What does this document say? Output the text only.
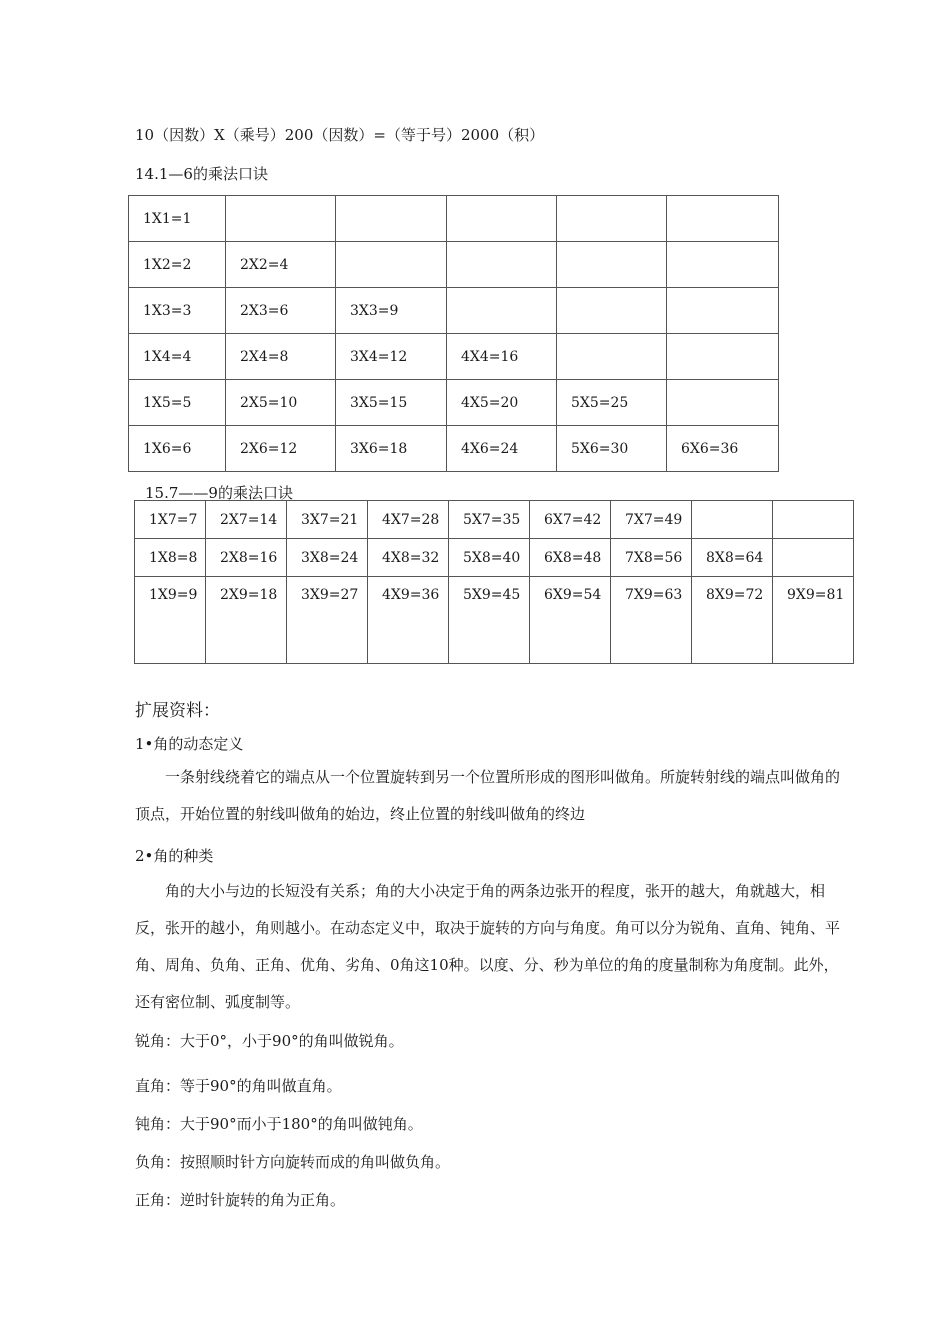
10（因数）X（乘号）200（因数）=（等于号）2000（积）
14.1—6的乘法口诀
1X1=1					
1X2=2	2X2=4				
1X3=3	2X3=6	3X3=9			
1X4=4	2X4=8	3X4=12	4X4=16		
1X5=5	2X5=10	3X5=15	4X5=20	5X5=25	
1X6=6	2X6=12	3X6=18	4X6=24	5X6=30	6X6=36
15.7——9的乘法口诀
1X7=7	2X7=14	3X7=21	4X7=28	5X7=35	6X7=42	7X7=49		
1X8=8	2X8=16	3X8=24	4X8=32	5X8=40	6X8=48	7X8=56	8X8=64	
1X9=9	2X9=18	3X9=27	4X9=36	5X9=45	6X9=54	7X9=63	8X9=72	9X9=81
扩展资料：
1•角的动态定义
一条射线绕着它的端点从一个位置旋转到另一个位置所形成的图形叫做角。所旋转射线的端点叫做角的顶点，开始位置的射线叫做角的始边，终止位置的射线叫做角的终边
2•角的种类
角的大小与边的长短没有关系；角的大小决定于角的两条边张开的程度，张开的越大，角就越大，相反，张开的越小，角则越小。在动态定义中，取决于旋转的方向与角度。角可以分为锐角、直角、钝角、平角、周角、负角、正角、优角、劣角、0角这10种。以度、分、秒为单位的角的度量制称为角度制。此外，还有密位制、弧度制等。
锐角：大于0°，小于90°的角叫做锐角。
直角：等于90°的角叫做直角。
钝角：大于90°而小于180°的角叫做钝角。
负角：按照顺时针方向旋转而成的角叫做负角。
正角：逆时针旋转的角为正角。
